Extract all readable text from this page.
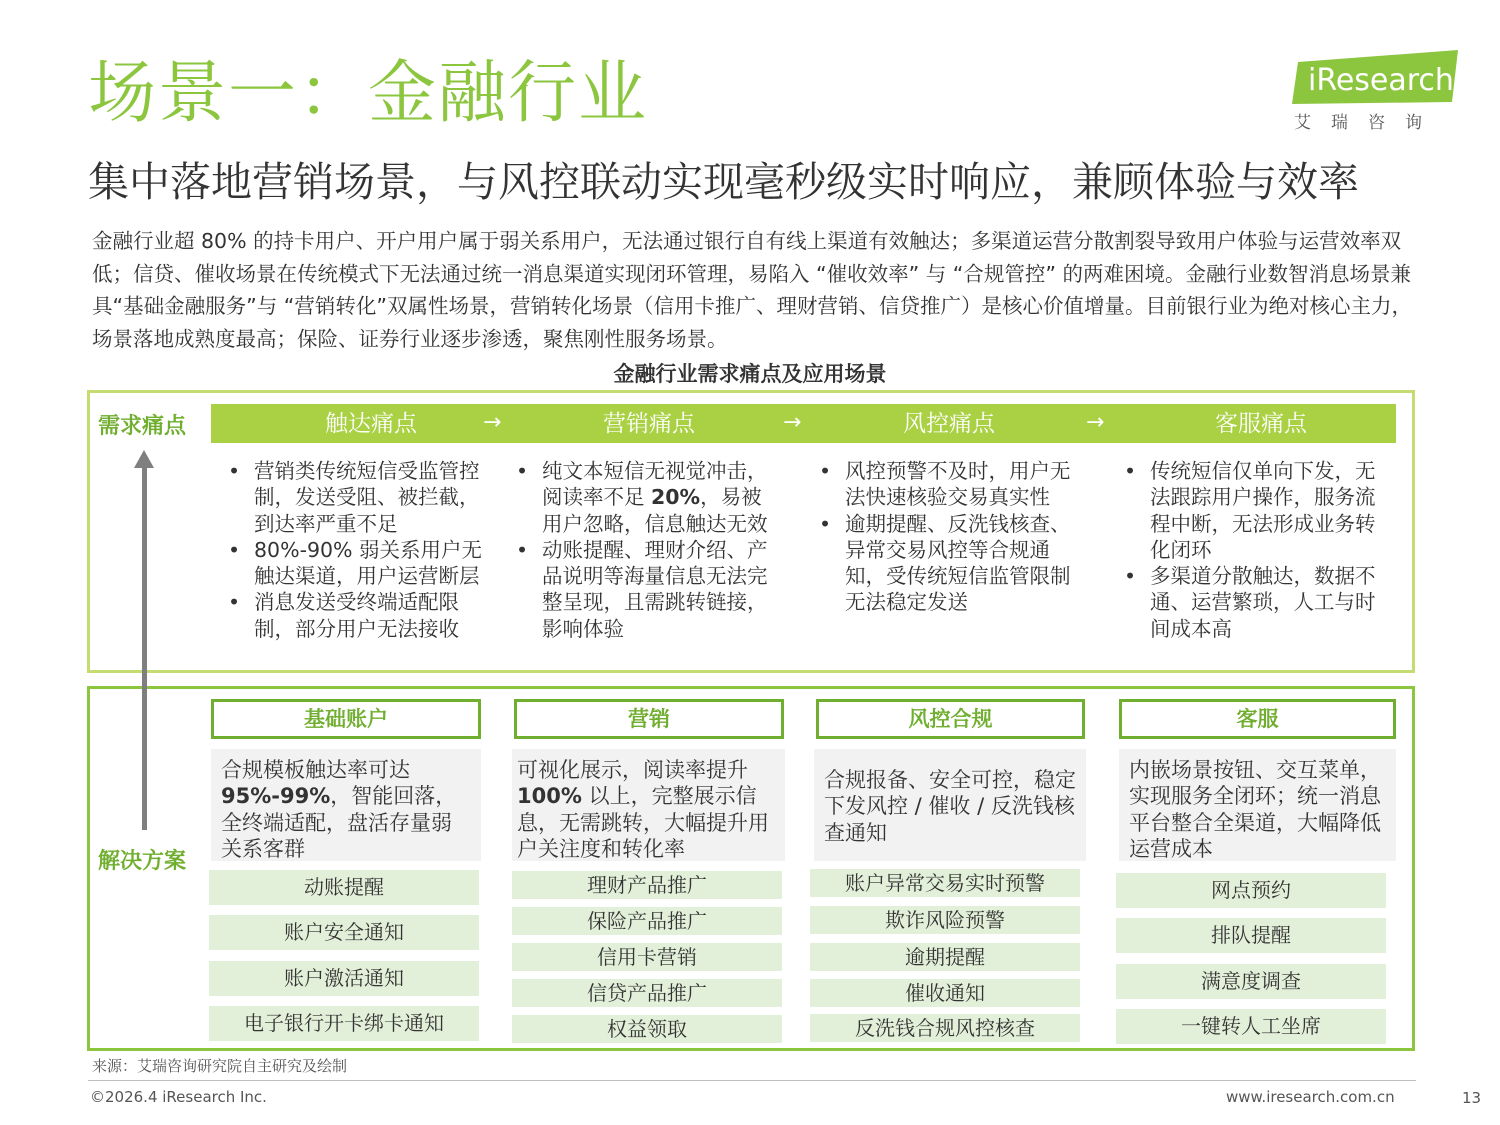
场景一：金融行业
集中落地营销场景，与风控联动实现毫秒级实时响应，兼顾体验与效率
iResearch
艾瑞咨询
金融行业超 80% 的持卡用户、开户用户属于弱关系用户，无法通过银行自有线上渠道有效触达；多渠道运营分散割裂导致用户体验与运营效率双低；信贷、催收场景在传统模式下无法通过统一消息渠道实现闭环管理，易陷入 “催收效率” 与 “合规管控” 的两难困境。金融行业数智消息场景兼具“基础金融服务”与 “营销转化”双属性场景，营销转化场景（信用卡推广、理财营销、信贷推广）是核心价值增量。目前银行业为绝对核心主力，场景落地成熟度最高；保险、证券行业逐步渗透，聚焦刚性服务场景。
金融行业需求痛点及应用场景
需求痛点
解决方案
触达痛点	→	营销痛点	→	风控痛点	→	客服痛点
• 营销类传统短信受监管控制，发送受阻、被拦截，到达率严重不足
• 80%-90% 弱关系用户无触达渠道，用户运营断层
• 消息发送受终端适配限制，部分用户无法接收
• 纯文本短信无视觉冲击，阅读率不足 20%，易被用户忽略，信息触达无效
• 动账提醒、理财介绍、产品说明等海量信息无法完整呈现，且需跳转链接，影响体验
• 风控预警不及时，用户无法快速核验交易真实性
• 逾期提醒、反洗钱核查、异常交易风控等合规通知，受传统短信监管限制无法稳定发送
• 传统短信仅单向下发，无法跟踪用户操作，服务流程中断，无法形成业务转化闭环
• 多渠道分散触达，数据不通、运营繁琐，人工与时间成本高
基础账户
合规模板触达率可达95%-99%，智能回落，全终端适配，盘活存量弱关系客群
动账提醒
账户安全通知
账户激活通知
电子银行开卡绑卡通知
营销
可视化展示，阅读率提升100% 以上，完整展示信息，无需跳转，大幅提升用户关注度和转化率
理财产品推广
保险产品推广
信用卡营销
信贷产品推广
权益领取
风控合规
合规报备、安全可控，稳定下发风控 / 催收 / 反洗钱核查通知
账户异常交易实时预警
欺诈风险预警
逾期提醒
催收通知
反洗钱合规风控核查
客服
内嵌场景按钮、交互菜单，实现服务全闭环；统一消息平台整合全渠道，大幅降低运营成本
网点预约
排队提醒
满意度调查
一键转人工坐席
来源：艾瑞咨询研究院自主研究及绘制
©2026.4 iResearch Inc.	www.iresearch.com.cn	13
